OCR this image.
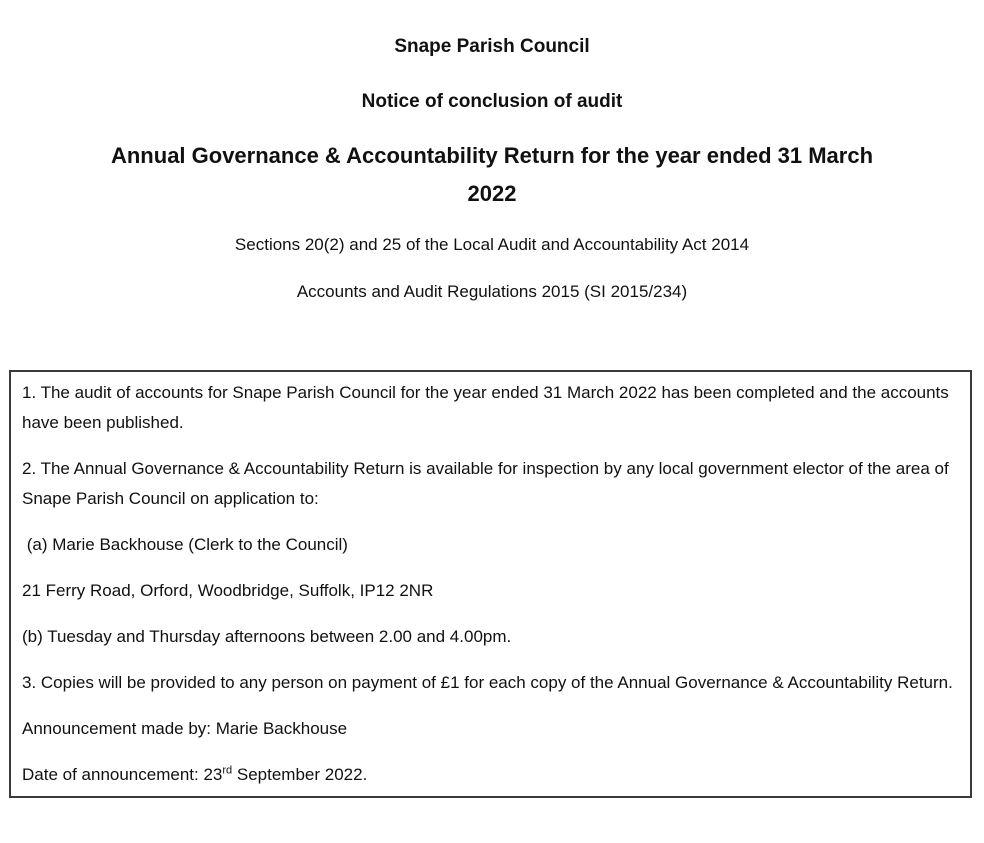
Snape Parish Council
Notice of conclusion of audit
Annual Governance & Accountability Return for the year ended 31 March
2022
Sections 20(2) and 25 of the Local Audit and Accountability Act 2014
Accounts and Audit Regulations 2015 (SI 2015/234)

1. The audit of accounts for Snape Parish Council for the year ended 31 March 2022 has been completed and the accounts have been published.

2. The Annual Governance & Accountability Return is available for inspection by any local government elector of the area of Snape Parish Council on application to:

(a) Marie Backhouse (Clerk to the Council)

21 Ferry Road, Orford, Woodbridge, Suffolk, IP12 2NR

(b) Tuesday and Thursday afternoons between 2.00 and 4.00pm.

3. Copies will be provided to any person on payment of £1 for each copy of the Annual Governance & Accountability Return.

Announcement made by: Marie Backhouse

Date of announcement: 23rd September 2022.
